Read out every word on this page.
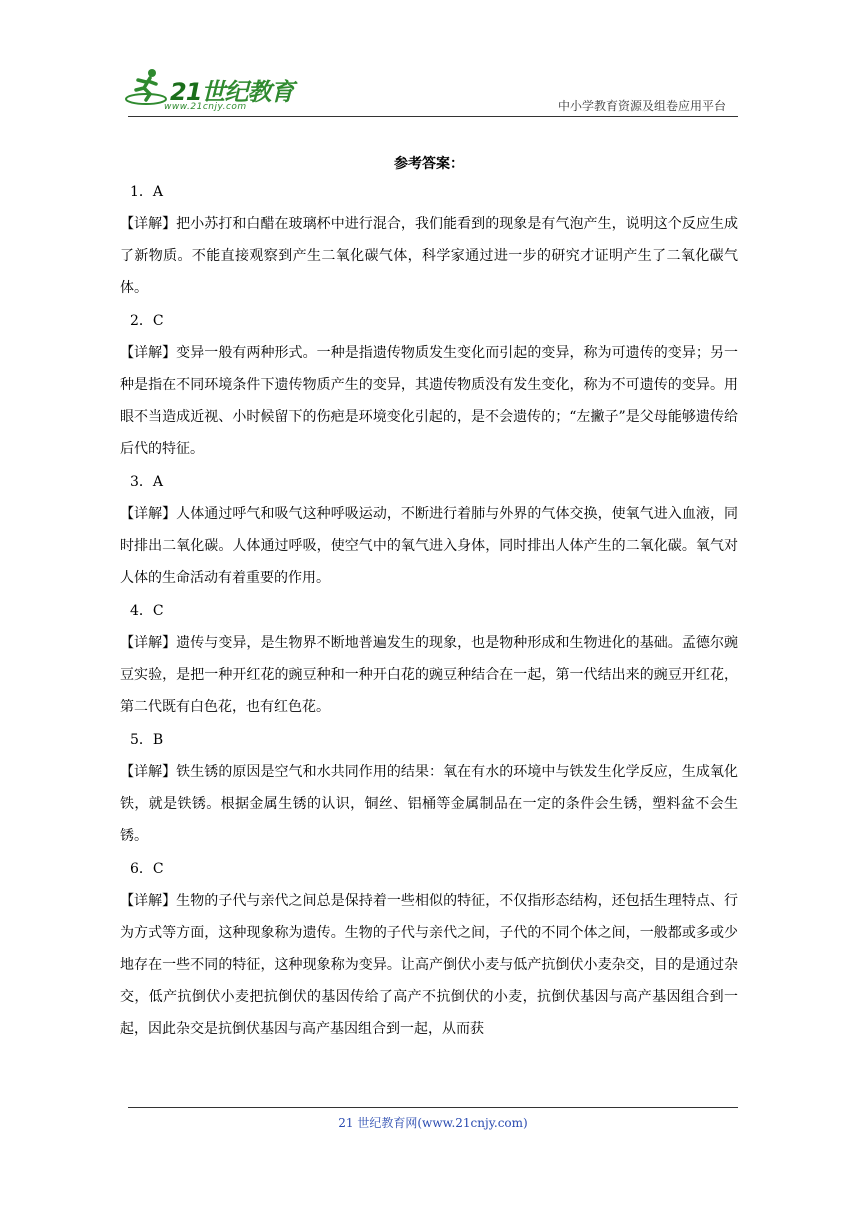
21世纪教育
www.21cnjy.com	中小学教育资源及组卷应用平台
参考答案：
1．A

【详解】把小苏打和白醋在玻璃杯中进行混合，我们能看到的现象是有气泡产生，说明这个反应生成了新物质。不能直接观察到产生二氧化碳气体，科学家通过进一步的研究才证明产生了二氧化碳气体。

2．C

【详解】变异一般有两种形式。一种是指遗传物质发生变化而引起的变异，称为可遗传的变异；另一种是指在不同环境条件下遗传物质产生的变异，其遗传物质没有发生变化，称为不可遗传的变异。用眼不当造成近视、小时候留下的伤疤是环境变化引起的，是不会遗传的；“左撇子”是父母能够遗传给后代的特征。

3．A

【详解】人体通过呼气和吸气这种呼吸运动，不断进行着肺与外界的气体交换，使氧气进入血液，同时排出二氧化碳。人体通过呼吸，使空气中的氧气进入身体，同时排出人体产生的二氧化碳。氧气对人体的生命活动有着重要的作用。

4．C

【详解】遗传与变异，是生物界不断地普遍发生的现象，也是物种形成和生物进化的基础。孟德尔豌豆实验，是把一种开红花的豌豆种和一种开白花的豌豆种结合在一起，第一代结出来的豌豆开红花，第二代既有白色花，也有红色花。

5．B

【详解】铁生锈的原因是空气和水共同作用的结果：氧在有水的环境中与铁发生化学反应，生成氧化铁，就是铁锈。根据金属生锈的认识，铜丝、铝桶等金属制品在一定的条件会生锈，塑料盆不会生锈。

6．C

【详解】生物的子代与亲代之间总是保持着一些相似的特征，不仅指形态结构，还包括生理特点、行为方式等方面，这种现象称为遗传。生物的子代与亲代之间，子代的不同个体之间，一般都或多或少地存在一些不同的特征，这种现象称为变异。让高产倒伏小麦与低产抗倒伏小麦杂交，目的是通过杂交，低产抗倒伏小麦把抗倒伏的基因传给了高产不抗倒伏的小麦，抗倒伏基因与高产基因组合到一起，因此杂交是抗倒伏基因与高产基因组合到一起，从而获

21 世纪教育网(www.21cnjy.com)
